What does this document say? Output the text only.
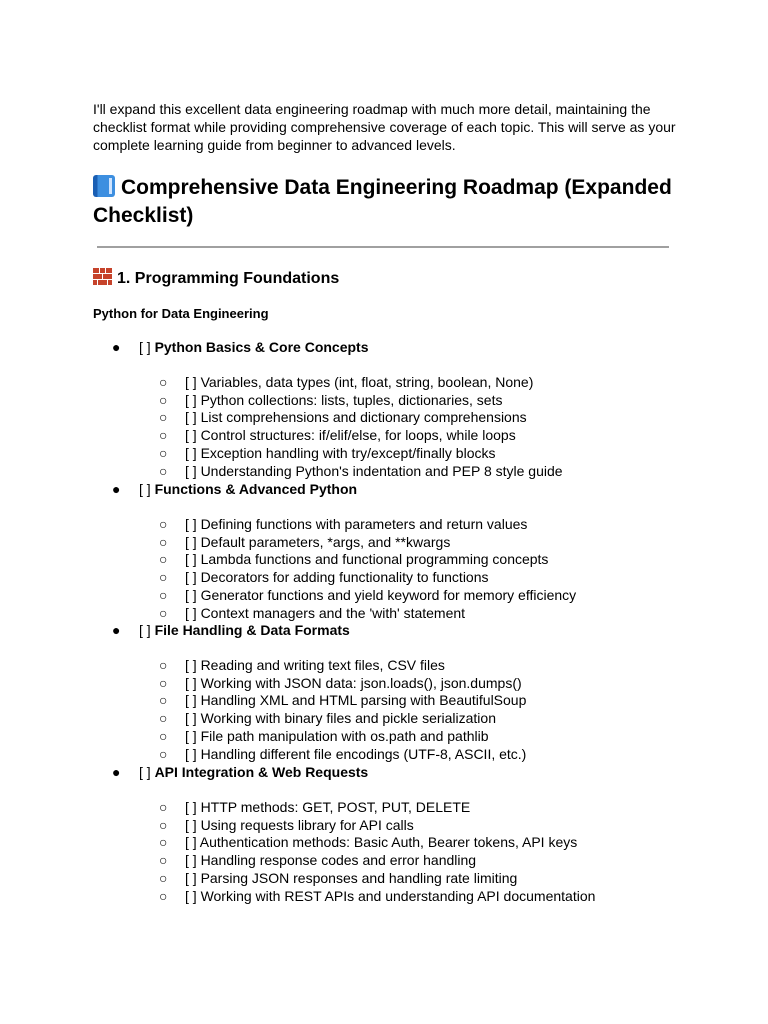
I'll expand this excellent data engineering roadmap with much more detail, maintaining the checklist format while providing comprehensive coverage of each topic. This will serve as your complete learning guide from beginner to advanced levels.

Comprehensive Data Engineering Roadmap (Expanded Checklist)
1. Programming Foundations
Python for Data Engineering
● [ ] Python Basics & Core Concepts
○ [ ] Variables, data types (int, float, string, boolean, None)
○ [ ] Python collections: lists, tuples, dictionaries, sets
○ [ ] List comprehensions and dictionary comprehensions
○ [ ] Control structures: if/elif/else, for loops, while loops
○ [ ] Exception handling with try/except/finally blocks
○ [ ] Understanding Python's indentation and PEP 8 style guide
● [ ] Functions & Advanced Python
○ [ ] Defining functions with parameters and return values
○ [ ] Default parameters, *args, and **kwargs
○ [ ] Lambda functions and functional programming concepts
○ [ ] Decorators for adding functionality to functions
○ [ ] Generator functions and yield keyword for memory efficiency
○ [ ] Context managers and the 'with' statement
● [ ] File Handling & Data Formats
○ [ ] Reading and writing text files, CSV files
○ [ ] Working with JSON data: json.loads(), json.dumps()
○ [ ] Handling XML and HTML parsing with BeautifulSoup
○ [ ] Working with binary files and pickle serialization
○ [ ] File path manipulation with os.path and pathlib
○ [ ] Handling different file encodings (UTF-8, ASCII, etc.)
● [ ] API Integration & Web Requests
○ [ ] HTTP methods: GET, POST, PUT, DELETE
○ [ ] Using requests library for API calls
○ [ ] Authentication methods: Basic Auth, Bearer tokens, API keys
○ [ ] Handling response codes and error handling
○ [ ] Parsing JSON responses and handling rate limiting
○ [ ] Working with REST APIs and understanding API documentation
